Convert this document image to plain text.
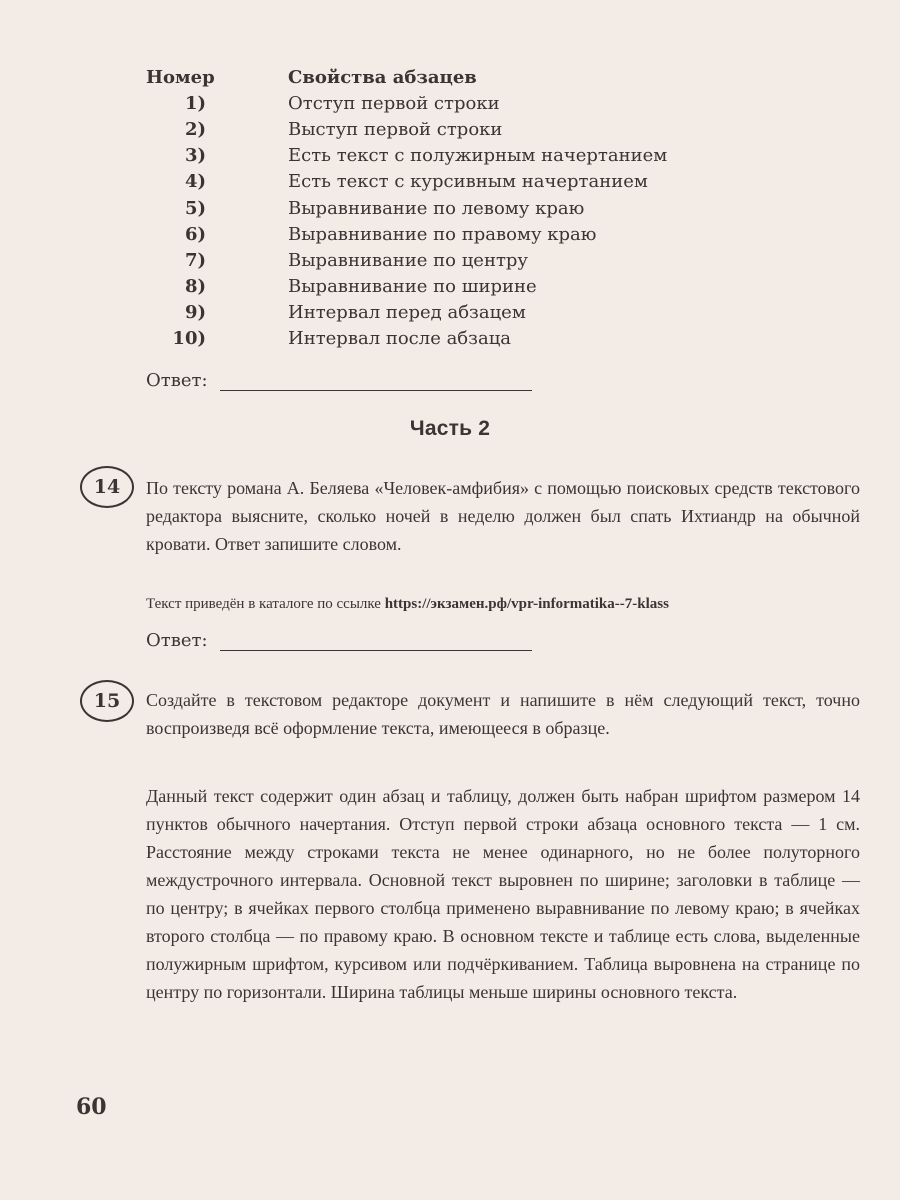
Номер	Свойства абзацев
1)	Отступ первой строки
2)	Выступ первой строки
3)	Есть текст с полужирным начертанием
4)	Есть текст с курсивным начертанием
5)	Выравнивание по левому краю
6)	Выравнивание по правому краю
7)	Выравнивание по центру
8)	Выравнивание по ширине
9)	Интервал перед абзацем
10)	Интервал после абзаца
Ответ:
Часть 2
14	По тексту романа А. Беляева «Человек-амфибия» с помощью поисковых средств текстового редактора выясните, сколько ночей в неделю должен был спать Ихтиандр на обычной кровати. Ответ запишите словом.
Текст приведён в каталоге по ссылке https://экзамен.рф/vpr-informatika--7-klass
Ответ:
15	Создайте в текстовом редакторе документ и напишите в нём следующий текст, точно воспроизведя всё оформление текста, имеющееся в образце.
Данный текст содержит один абзац и таблицу, должен быть набран шрифтом размером 14 пунктов обычного начертания. Отступ первой строки абзаца основного текста — 1 см. Расстояние между строками текста не менее одинарного, но не более полуторного междустрочного интервала. Основной текст выровнен по ширине; заголовки в таблице — по центру; в ячейках первого столбца применено выравнивание по левому краю; в ячейках второго столбца — по правому краю. В основном тексте и таблице есть слова, выделенные полужирным шрифтом, курсивом или подчёркиванием. Таблица выровнена на странице по центру по горизонтали. Ширина таблицы меньше ширины основного текста.
60
